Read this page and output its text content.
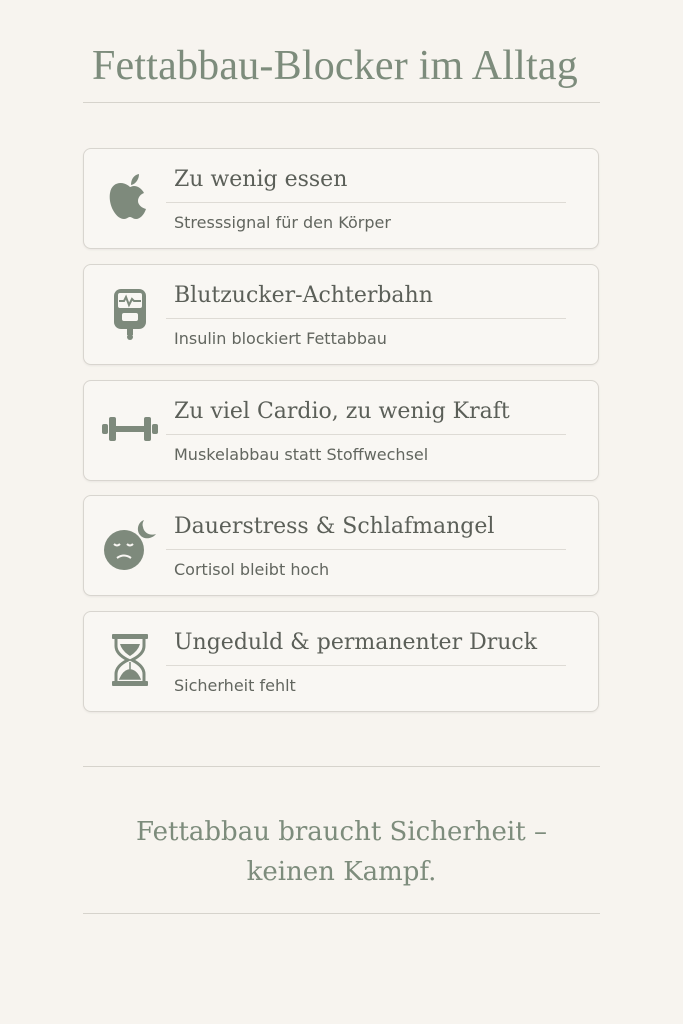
Fettabbau-Blocker im Alltag
Zu wenig essen
Stresssignal für den Körper
Blutzucker-Achterbahn
Insulin blockiert Fettabbau
Zu viel Cardio, zu wenig Kraft
Muskelabbau statt Stoffwechsel
Dauerstress & Schlafmangel
Cortisol bleibt hoch
Ungeduld & permanenter Druck
Sicherheit fehlt
Fettabbau braucht Sicherheit –
keinen Kampf.
